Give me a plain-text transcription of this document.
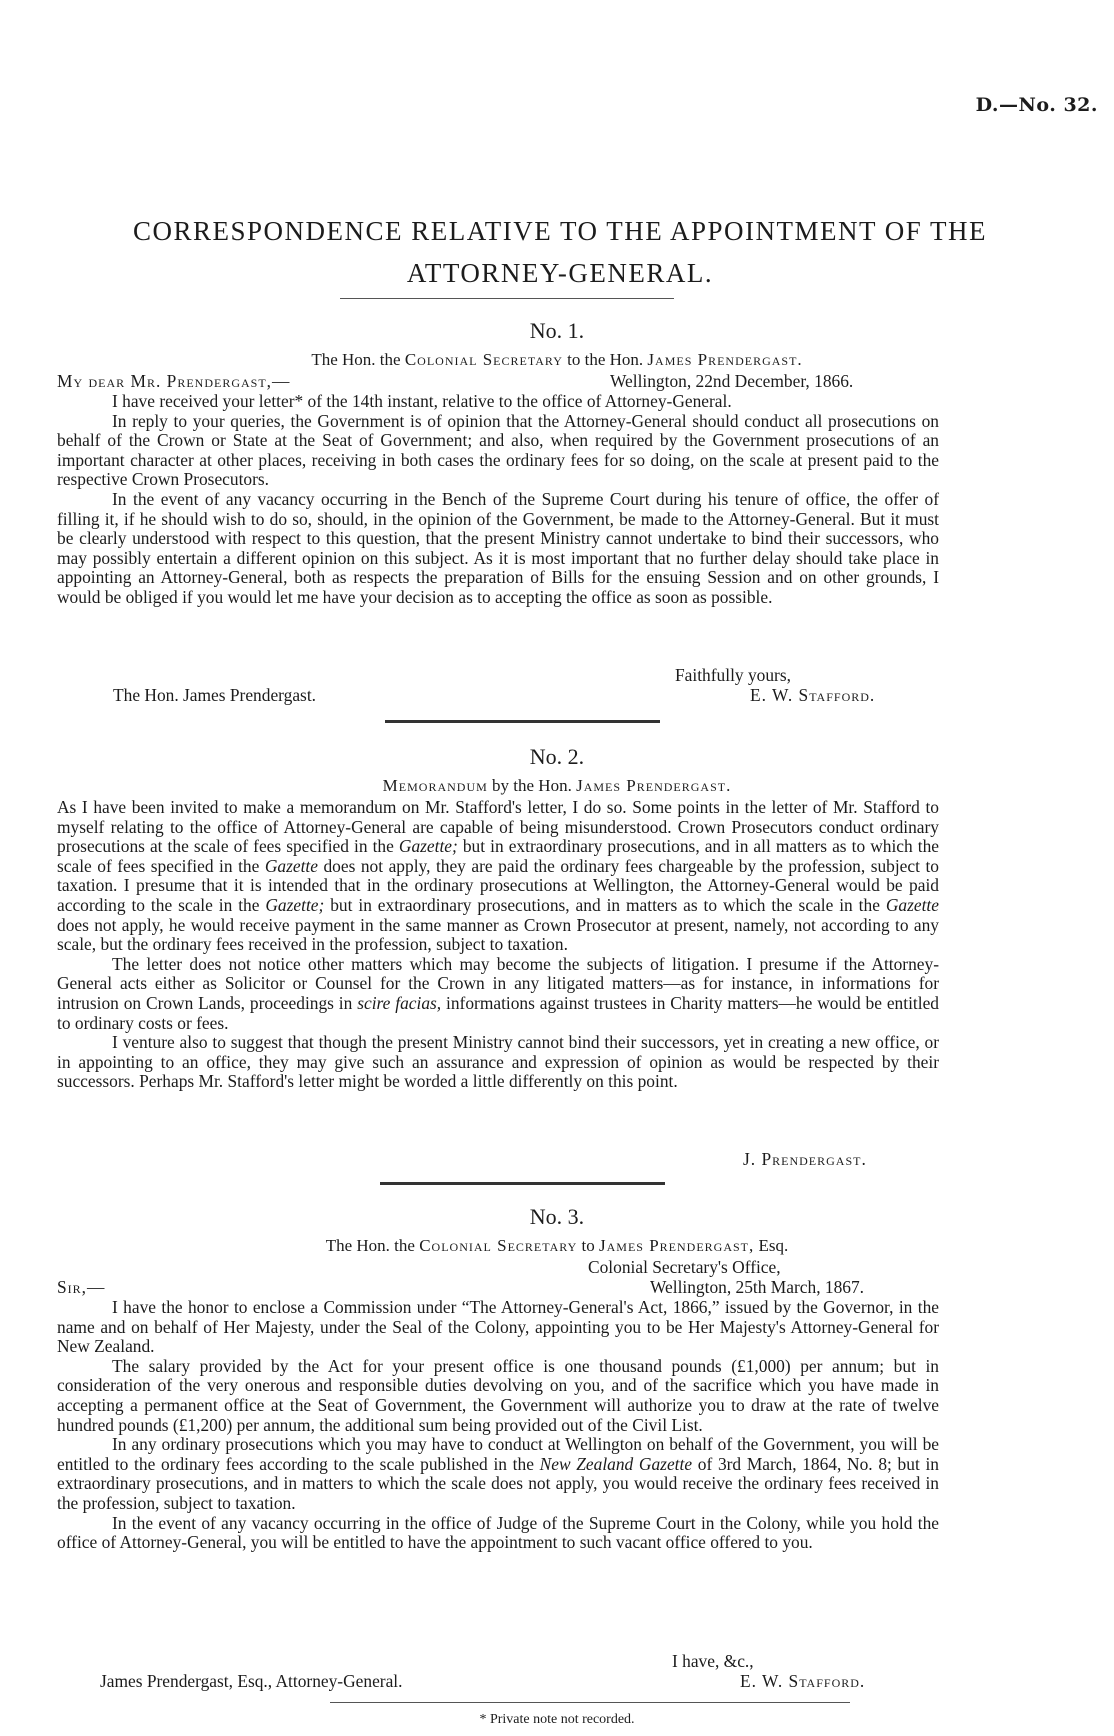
D.—No. 32.
CORRESPONDENCE RELATIVE TO THE APPOINTMENT OF THE
ATTORNEY-GENERAL.
No. 1.
The Hon. the Colonial Secretary to the Hon. James Prendergast.
My dear Mr. Prendergast,—	Wellington, 22nd December, 1866.

I have received your letter* of the 14th instant, relative to the office of Attorney-General.

In reply to your queries, the Government is of opinion that the Attorney-General should conduct all prosecutions on behalf of the Crown or State at the Seat of Government; and also, when required by the Government prosecutions of an important character at other places, receiving in both cases the ordinary fees for so doing, on the scale at present paid to the respective Crown Prosecutors.

In the event of any vacancy occurring in the Bench of the Supreme Court during his tenure of office, the offer of filling it, if he should wish to do so, should, in the opinion of the Government, be made to the Attorney-General. But it must be clearly understood with respect to this question, that the present Ministry cannot undertake to bind their successors, who may possibly entertain a different opinion on this subject. As it is most important that no further delay should take place in appointing an Attorney-General, both as respects the preparation of Bills for the ensuing Session and on other grounds, I would be obliged if you would let me have your decision as to accepting the office as soon as possible.

Faithfully yours,
The Hon. James Prendergast.	E. W. Stafford.
No. 2.
Memorandum by the Hon. James Prendergast.

As I have been invited to make a memorandum on Mr. Stafford's letter, I do so. Some points in the letter of Mr. Stafford to myself relating to the office of Attorney-General are capable of being misunderstood. Crown Prosecutors conduct ordinary prosecutions at the scale of fees specified in the Gazette; but in extraordinary prosecutions, and in all matters as to which the scale of fees specified in the Gazette does not apply, they are paid the ordinary fees chargeable by the profession, subject to taxation. I presume that it is intended that in the ordinary prosecutions at Wellington, the Attorney-General would be paid according to the scale in the Gazette; but in extraordinary prosecutions, and in matters as to which the scale in the Gazette does not apply, he would receive payment in the same manner as Crown Prosecutor at present, namely, not according to any scale, but the ordinary fees received in the profession, subject to taxation.

The letter does not notice other matters which may become the subjects of litigation. I presume if the Attorney-General acts either as Solicitor or Counsel for the Crown in any litigated matters—as for instance, in informations for intrusion on Crown Lands, proceedings in scire facias, informations against trustees in Charity matters—he would be entitled to ordinary costs or fees.

I venture also to suggest that though the present Ministry cannot bind their successors, yet in creating a new office, or in appointing to an office, they may give such an assurance and expression of opinion as would be respected by their successors. Perhaps Mr. Stafford's letter might be worded a little differently on this point.

J. Prendergast.
No. 3.
The Hon. the Colonial Secretary to James Prendergast, Esq.
Colonial Secretary's Office,
Sir,—	Wellington, 25th March, 1867.

I have the honor to enclose a Commission under “The Attorney-General's Act, 1866,” issued by the Governor, in the name and on behalf of Her Majesty, under the Seal of the Colony, appointing you to be Her Majesty's Attorney-General for New Zealand.

The salary provided by the Act for your present office is one thousand pounds (£1,000) per annum; but in consideration of the very onerous and responsible duties devolving on you, and of the sacrifice which you have made in accepting a permanent office at the Seat of Government, the Government will authorize you to draw at the rate of twelve hundred pounds (£1,200) per annum, the additional sum being provided out of the Civil List.

In any ordinary prosecutions which you may have to conduct at Wellington on behalf of the Government, you will be entitled to the ordinary fees according to the scale published in the New Zealand Gazette of 3rd March, 1864, No. 8; but in extraordinary prosecutions, and in matters to which the scale does not apply, you would receive the ordinary fees received in the profession, subject to taxation.

In the event of any vacancy occurring in the office of Judge of the Supreme Court in the Colony, while you hold the office of Attorney-General, you will be entitled to have the appointment to such vacant office offered to you.

I have, &c.,
James Prendergast, Esq., Attorney-General.	E. W. Stafford.
* Private note not recorded.
